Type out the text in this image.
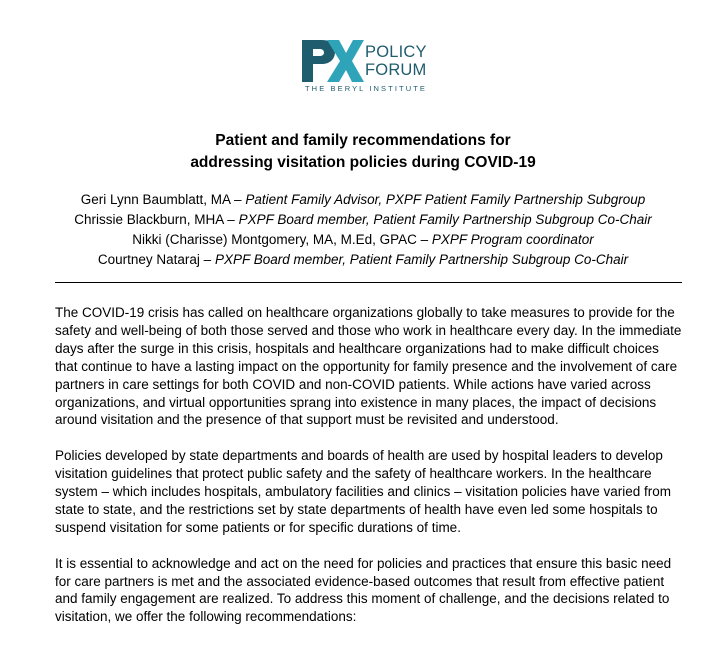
POLICY
FORUM
THE BERYL INSTITUTE
Patient and family recommendations for
addressing visitation policies during COVID-19
Geri Lynn Baumblatt, MA – Patient Family Advisor, PXPF Patient Family Partnership Subgroup
Chrissie Blackburn, MHA – PXPF Board member, Patient Family Partnership Subgroup Co-Chair
Nikki (Charisse) Montgomery, MA, M.Ed, GPAC – PXPF Program coordinator
Courtney Nataraj – PXPF Board member, Patient Family Partnership Subgroup Co-Chair

The COVID-19 crisis has called on healthcare organizations globally to take measures to provide for the safety and well-being of both those served and those who work in healthcare every day. In the immediate days after the surge in this crisis, hospitals and healthcare organizations had to make difficult choices that continue to have a lasting impact on the opportunity for family presence and the involvement of care partners in care settings for both COVID and non-COVID patients. While actions have varied across organizations, and virtual opportunities sprang into existence in many places, the impact of decisions around visitation and the presence of that support must be revisited and understood.

Policies developed by state departments and boards of health are used by hospital leaders to develop visitation guidelines that protect public safety and the safety of healthcare workers. In the healthcare system – which includes hospitals, ambulatory facilities and clinics – visitation policies have varied from state to state, and the restrictions set by state departments of health have even led some hospitals to suspend visitation for some patients or for specific durations of time.

It is essential to acknowledge and act on the need for policies and practices that ensure this basic need for care partners is met and the associated evidence-based outcomes that result from effective patient and family engagement are realized. To address this moment of challenge, and the decisions related to visitation, we offer the following recommendations:
